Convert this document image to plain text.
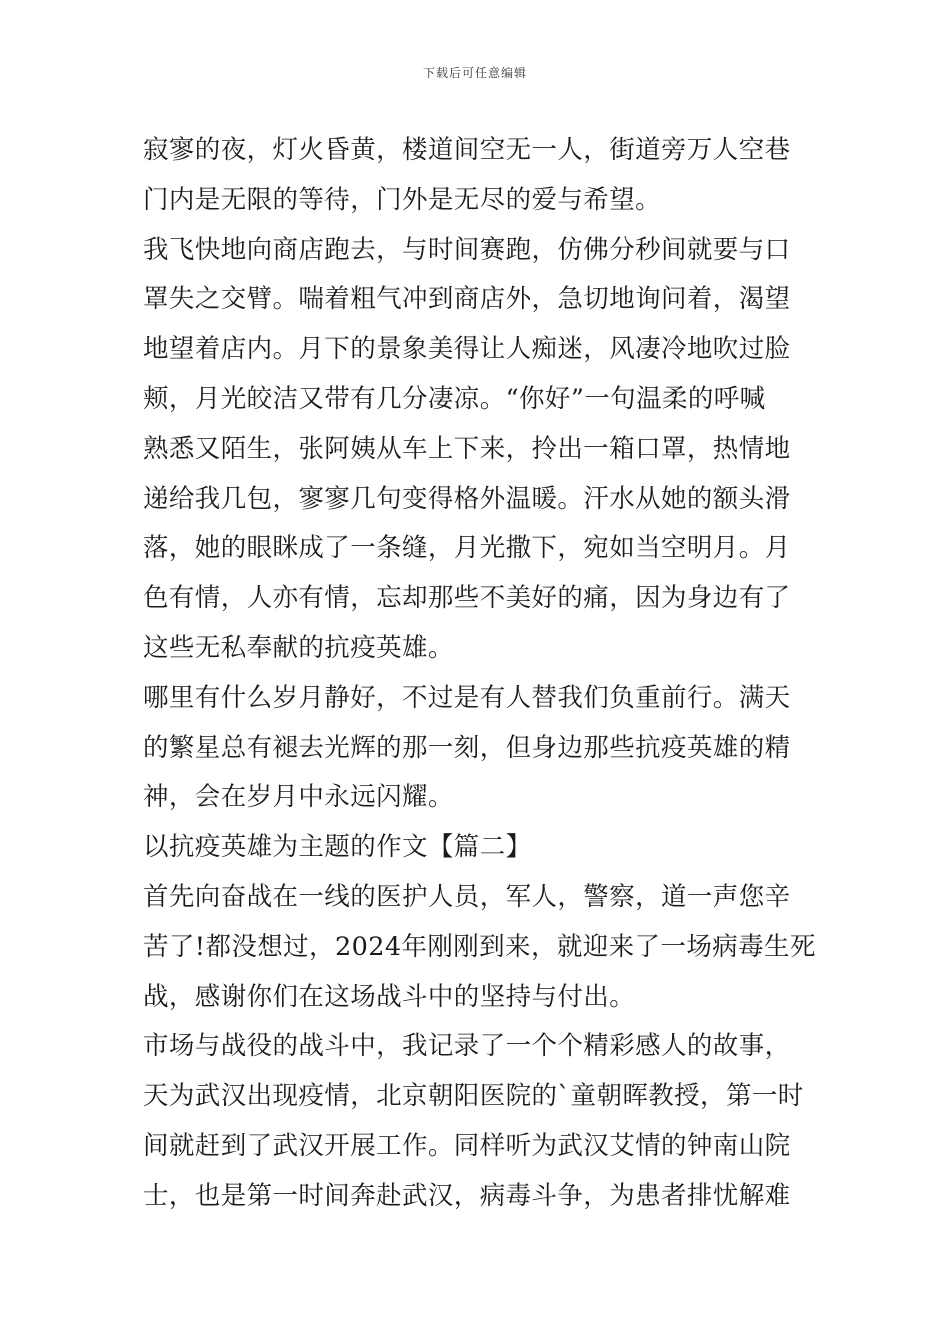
下载后可任意编辑
寂寥的夜，灯火昏黄，楼道间空无一人，街道旁万人空巷
门内是无限的等待，门外是无尽的爱与希望。
我飞快地向商店跑去，与时间赛跑，仿佛分秒间就要与口
罩失之交臂。喘着粗气冲到商店外，急切地询问着，渴望
地望着店内。月下的景象美得让人痴迷，风凄冷地吹过脸
颊，月光皎洁又带有几分凄凉。“你好”一句温柔的呼喊
熟悉又陌生，张阿姨从车上下来，拎出一箱口罩，热情地
递给我几包，寥寥几句变得格外温暖。汗水从她的额头滑
落，她的眼眯成了一条缝，月光撒下，宛如当空明月。月
色有情，人亦有情，忘却那些不美好的痛，因为身边有了
这些无私奉献的抗疫英雄。
哪里有什么岁月静好，不过是有人替我们负重前行。满天
的繁星总有褪去光辉的那一刻，但身边那些抗疫英雄的精
神，会在岁月中永远闪耀。
以抗疫英雄为主题的作文【篇二】
首先向奋战在一线的医护人员，军人，警察，道一声您辛
苦了!都没想过，2024年刚刚到来，就迎来了一场病毒生死
战，感谢你们在这场战斗中的坚持与付出。
市场与战役的战斗中，我记录了一个个精彩感人的故事，
天为武汉出现疫情，北京朝阳医院的`童朝晖教授，第一时
间就赶到了武汉开展工作。同样听为武汉艾情的钟南山院
士，也是第一时间奔赴武汉，病毒斗争，为患者排忧解难
